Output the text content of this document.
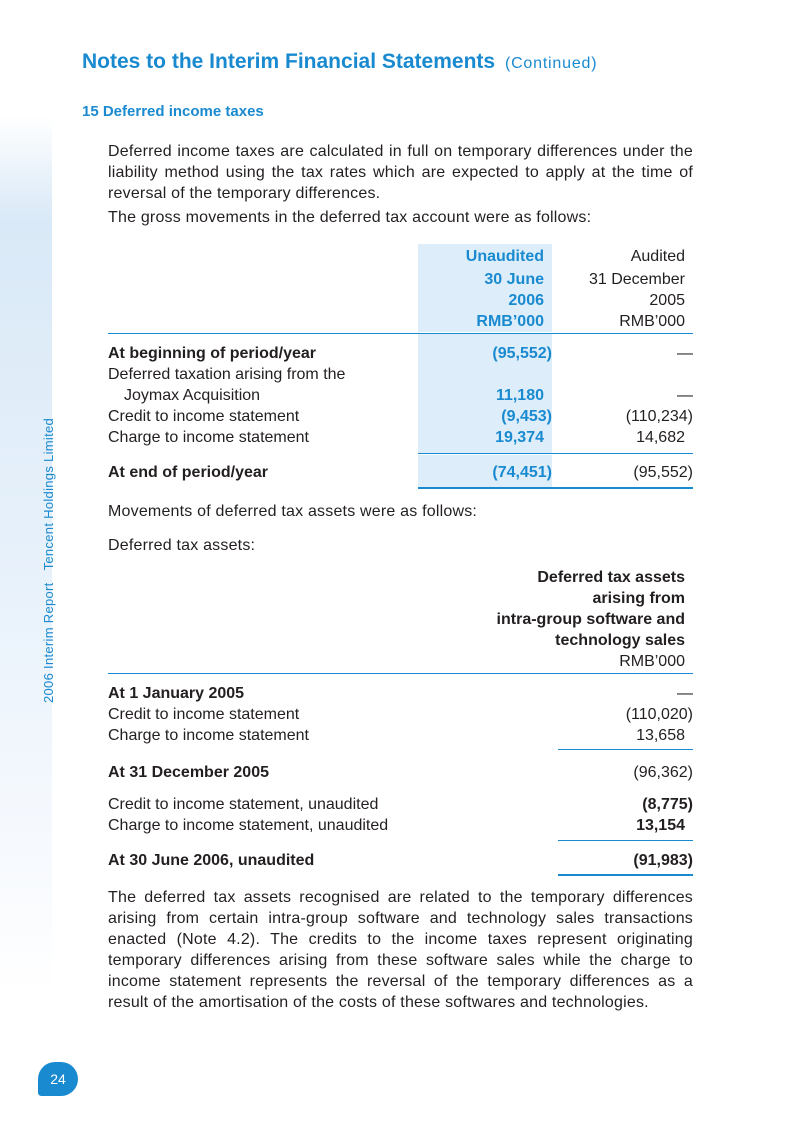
2006 Interim ReportTencent Holdings Limited
Notes to the Interim Financial Statements (Continued)
15 Deferred income taxes

Deferred income taxes are calculated in full on temporary differences under the liability method using the tax rates which are expected to apply at the time of reversal of the temporary differences.

The gross movements in the deferred tax account were as follows:

Unaudited	Audited
30 June	31 December
2006	2005
RMB’000	RMB’000
At beginning of period/year	(95,552)	—
Deferred taxation arising from the
Joymax Acquisition	11,180	—
Credit to income statement	(9,453)	(110,234)
Charge to income statement	19,374	14,682
At end of period/year	(74,451)	(95,552)

Movements of deferred tax assets were as follows:

Deferred tax assets:

Deferred tax assets
arising from
intra-group software and
technology sales
RMB’000
At 1 January 2005	—
Credit to income statement	(110,020)
Charge to income statement	13,658
At 31 December 2005	(96,362)
Credit to income statement, unaudited	(8,775)
Charge to income statement, unaudited	13,154
At 30 June 2006, unaudited	(91,983)

The deferred tax assets recognised are related to the temporary differences arising from certain intra-group software and technology sales transactions enacted (Note 4.2). The credits to the income taxes represent originating temporary differences arising from these software sales while the charge to income statement represents the reversal of the temporary differences as a result of the amortisation of the costs of these softwares and technologies.

24
